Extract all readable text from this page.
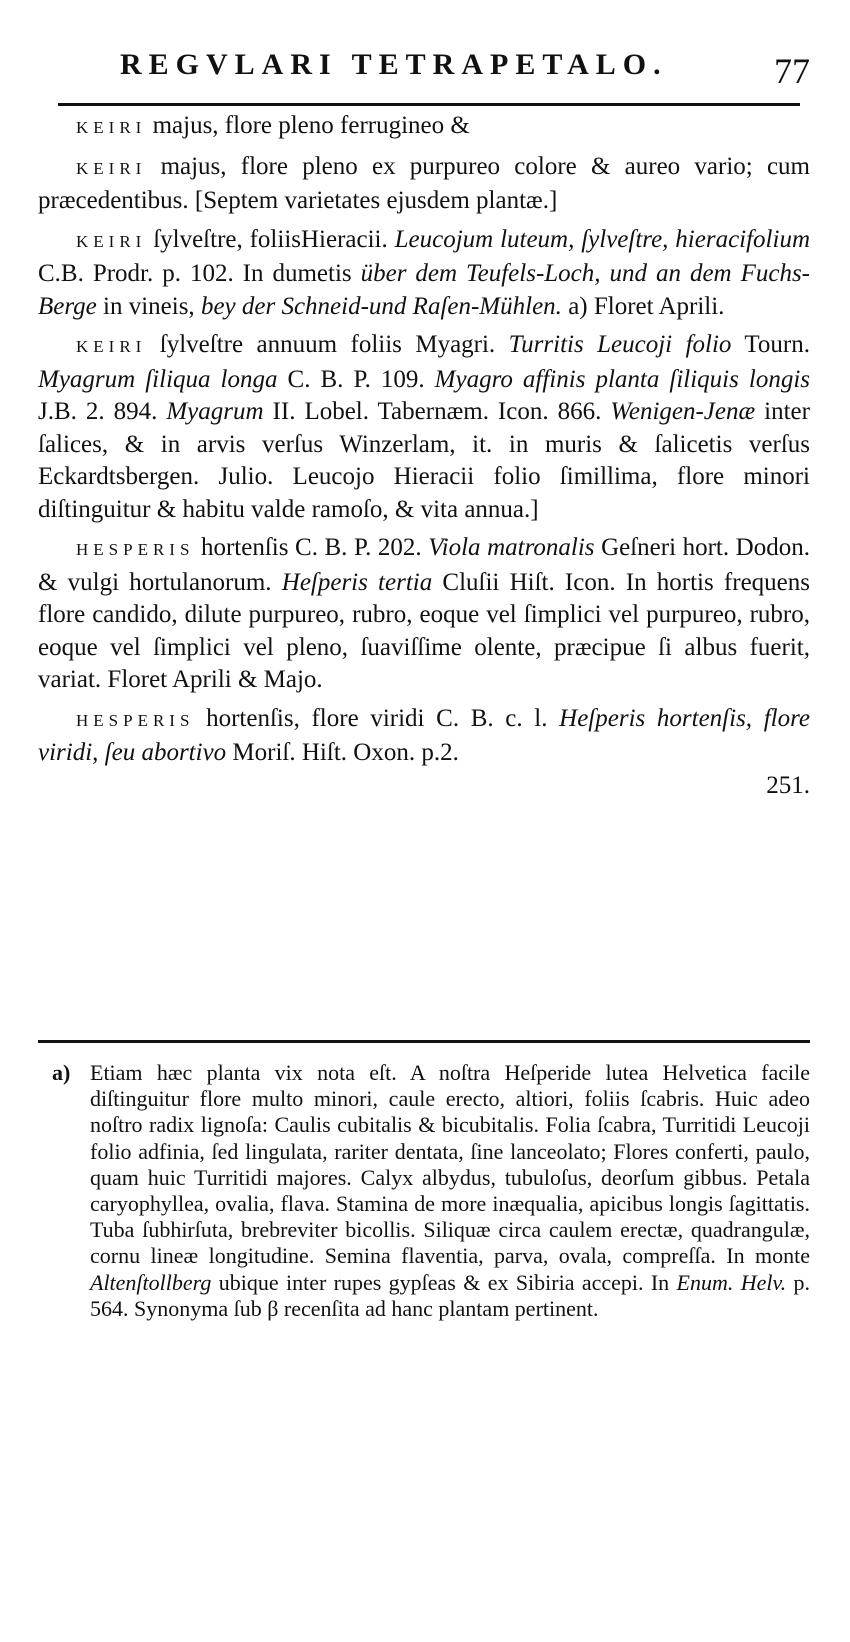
REGVLARI TETRAPETALO.	77

KEIRI majus, flore pleno ferrugineo &

KEIRI majus, flore pleno ex purpureo colore & aureo vario; cum præcedentibus. [Septem varietates ejusdem plantæ.]

KEIRI ſylveſtre, foliisHieracii. Leucojum luteum, ſylveſtre, hieracifolium C.B. Prodr. p. 102. In dumetis über dem Teufels-Loch, und an dem Fuchs-Berge in vineis, bey der Schneid-und Raſen-Mühlen. a) Floret Aprili.

KEIRI ſylveſtre annuum foliis Myagri. Turritis Leucoji folio Tourn. Myagrum ſiliqua longa C. B. P. 109. Myagro affinis planta ſiliquis longis J.B. 2. 894. Myagrum II. Lobel. Tabernæm. Icon. 866. Wenigen-Jenæ inter ſalices, & in arvis verſus Winzerlam, it. in muris & ſalicetis verſus Eckardtsbergen. Julio. Leucojo Hieracii folio ſimillima, flore minori diſtinguitur & habitu valde ramoſo, & vita annua.]

HESPERIS hortenſis C. B. P. 202. Viola matronalis Geſneri hort. Dodon. & vulgi hortulanorum. Heſperis tertia Cluſii Hiſt. Icon. In hortis frequens flore candido, dilute purpureo, rubro, eoque vel ſimplici vel purpureo, rubro, eoque vel ſimplici vel pleno, ſuaviſſime olente, præcipue ſi albus fuerit, variat. Floret Aprili & Majo.

HESPERIS hortenſis, flore viridi C. B. c. l. Heſperis hortenſis, flore viridi, ſeu abortivo Moriſ. Hiſt. Oxon. p.2.

251.
a) Etiam hæc planta vix nota eſt. A noſtra Heſperide lutea Helvetica facile diſtinguitur flore multo minori, caule erecto, altiori, foliis ſcabris. Huic adeo noſtro radix lignoſa: Caulis cubitalis & bicubitalis. Folia ſcabra, Turritidi Leucoji folio adfinia, ſed lingulata, rariter dentata, ſine lanceolato; Flores conferti, paulo, quam huic Turritidi majores. Calyx albydus, tubuloſus, deorſum gibbus. Petala caryophyllea, ovalia, flava. Stamina de more inæqualia, apicibus longis ſagittatis. Tuba ſubhirſuta, brebreviter bicollis. Siliquæ circa caulem erectæ, quadrangulæ, cornu lineæ longitudine. Semina flaventia, parva, ovala, compreſſa. In monte Altenſtollberg ubique inter rupes gypſeas & ex Sibiria accepi. In Enum. Helv. p. 564. Synonyma ſub β recenſita ad hanc plantam pertinent.
